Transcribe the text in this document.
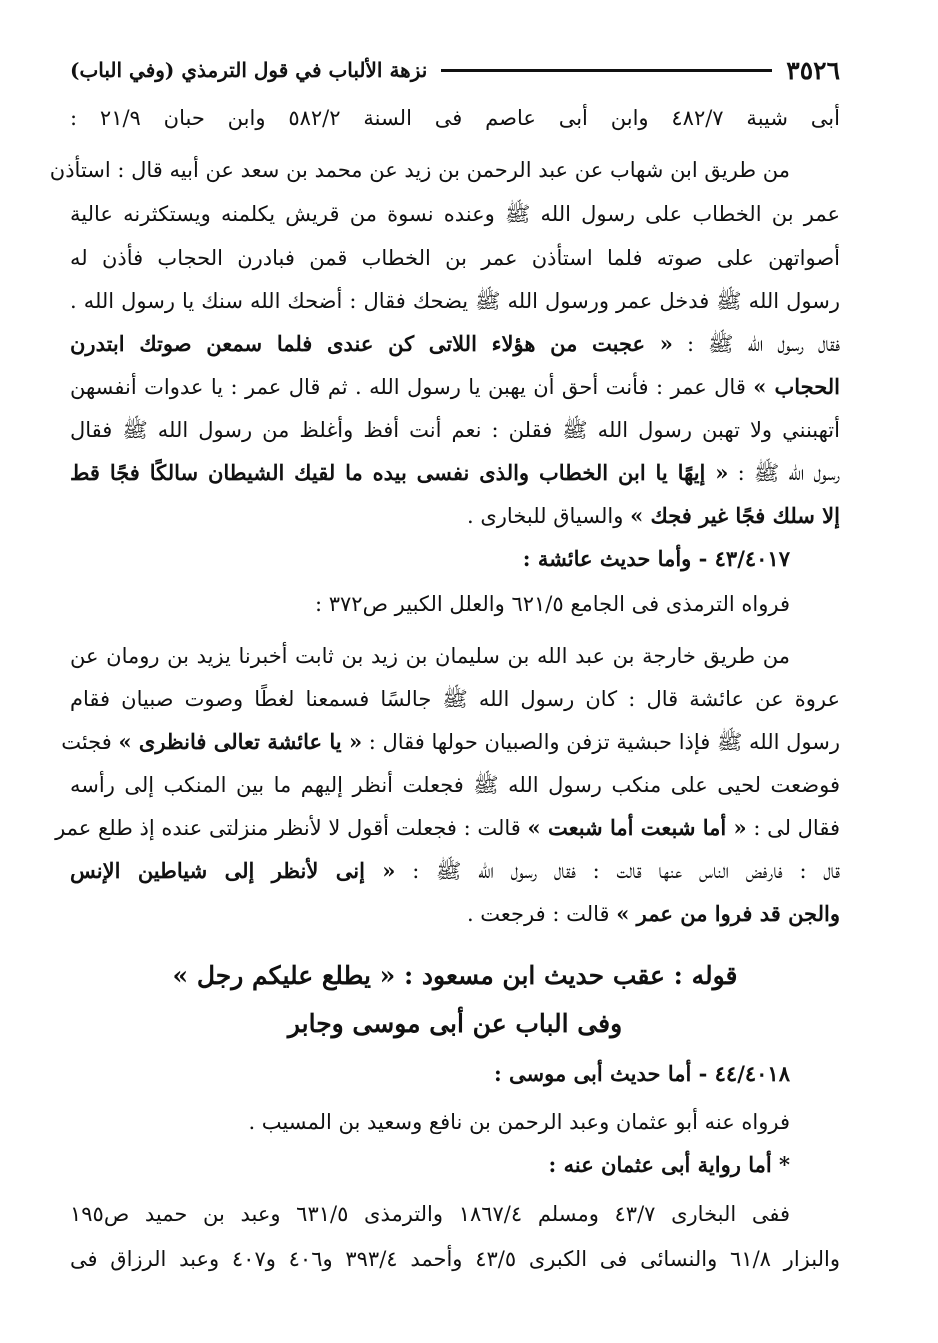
٣٥٢٦
نزهة الألباب في قول الترمذي (وفي الباب)
أبى شيبة ٤٨٢/٧ وابن أبى عاصم فى السنة ٥٨٢/٢ وابن حبان ٢١/٩ :
من طريق ابن شهاب عن عبد الرحمن بن زيد عن محمد بن سعد عن أبيه قال : استأذن
عمر بن الخطاب على رسول الله ﷺ وعنده نسوة من قريش يكلمنه ويستكثرنه عالية
أصواتهن على صوته فلما استأذن عمر بن الخطاب قمن فبادرن الحجاب فأذن له
رسول الله ﷺ فدخل عمر ورسول الله ﷺ يضحك فقال : أضحك الله سنك يا رسول الله .
فقال رسول الله ﷺ : « عجبت من هؤلاء اللاتى كن عندى فلما سمعن صوتك ابتدرن
الحجاب » قال عمر : فأنت أحق أن يهبن يا رسول الله . ثم قال عمر : يا عدوات أنفسهن
أتهبنني ولا تهبن رسول الله ﷺ فقلن : نعم أنت أفظ وأغلظ من رسول الله ﷺ فقال
رسول الله ﷺ : « إيهًا يا ابن الخطاب والذى نفسى بيده ما لقيك الشيطان سالكًا فجًا قط
إلا سلك فجًا غير فجك » والسياق للبخارى .
٤٣/٤٠١٧ - وأما حديث عائشة :
فرواه الترمذى فى الجامع ٦٢١/٥ والعلل الكبير ص٣٧٢ :
من طريق خارجة بن عبد الله بن سليمان بن زيد بن ثابت أخبرنا يزيد بن رومان عن
عروة عن عائشة قال : كان رسول الله ﷺ جالسًا فسمعنا لغطًا وصوت صبيان فقام
رسول الله ﷺ فإذا حبشية تزفن والصبيان حولها فقال : « يا عائشة تعالى فانظرى » فجئت
فوضعت لحيى على منكب رسول الله ﷺ فجعلت أنظر إليهم ما بين المنكب إلى رأسه
فقال لى : « أما شبعت أما شبعت » قالت : فجعلت أقول لا لأنظر منزلتى عنده إذ طلع عمر
قال : فارفض الناس عنها قالت : فقال رسول الله ﷺ : « إنى لأنظر إلى شياطين الإنس
والجن قد فروا من عمر » قالت : فرجعت .
قوله : عقب حديث ابن مسعود : « يطلع عليكم رجل »
وفى الباب عن أبى موسى وجابر
٤٤/٤٠١٨ - أما حديث أبى موسى :
فرواه عنه أبو عثمان وعبد الرحمن بن نافع وسعيد بن المسيب .
* أما رواية أبى عثمان عنه :
ففى البخارى ٤٣/٧ ومسلم ١٨٦٧/٤ والترمذى ٦٣١/٥ وعبد بن حميد ص١٩٥
والبزار ٦١/٨ والنسائى فى الكبرى ٤٣/٥ وأحمد ٣٩٣/٤ و٤٠٦ و٤٠٧ وعبد الرزاق فى
